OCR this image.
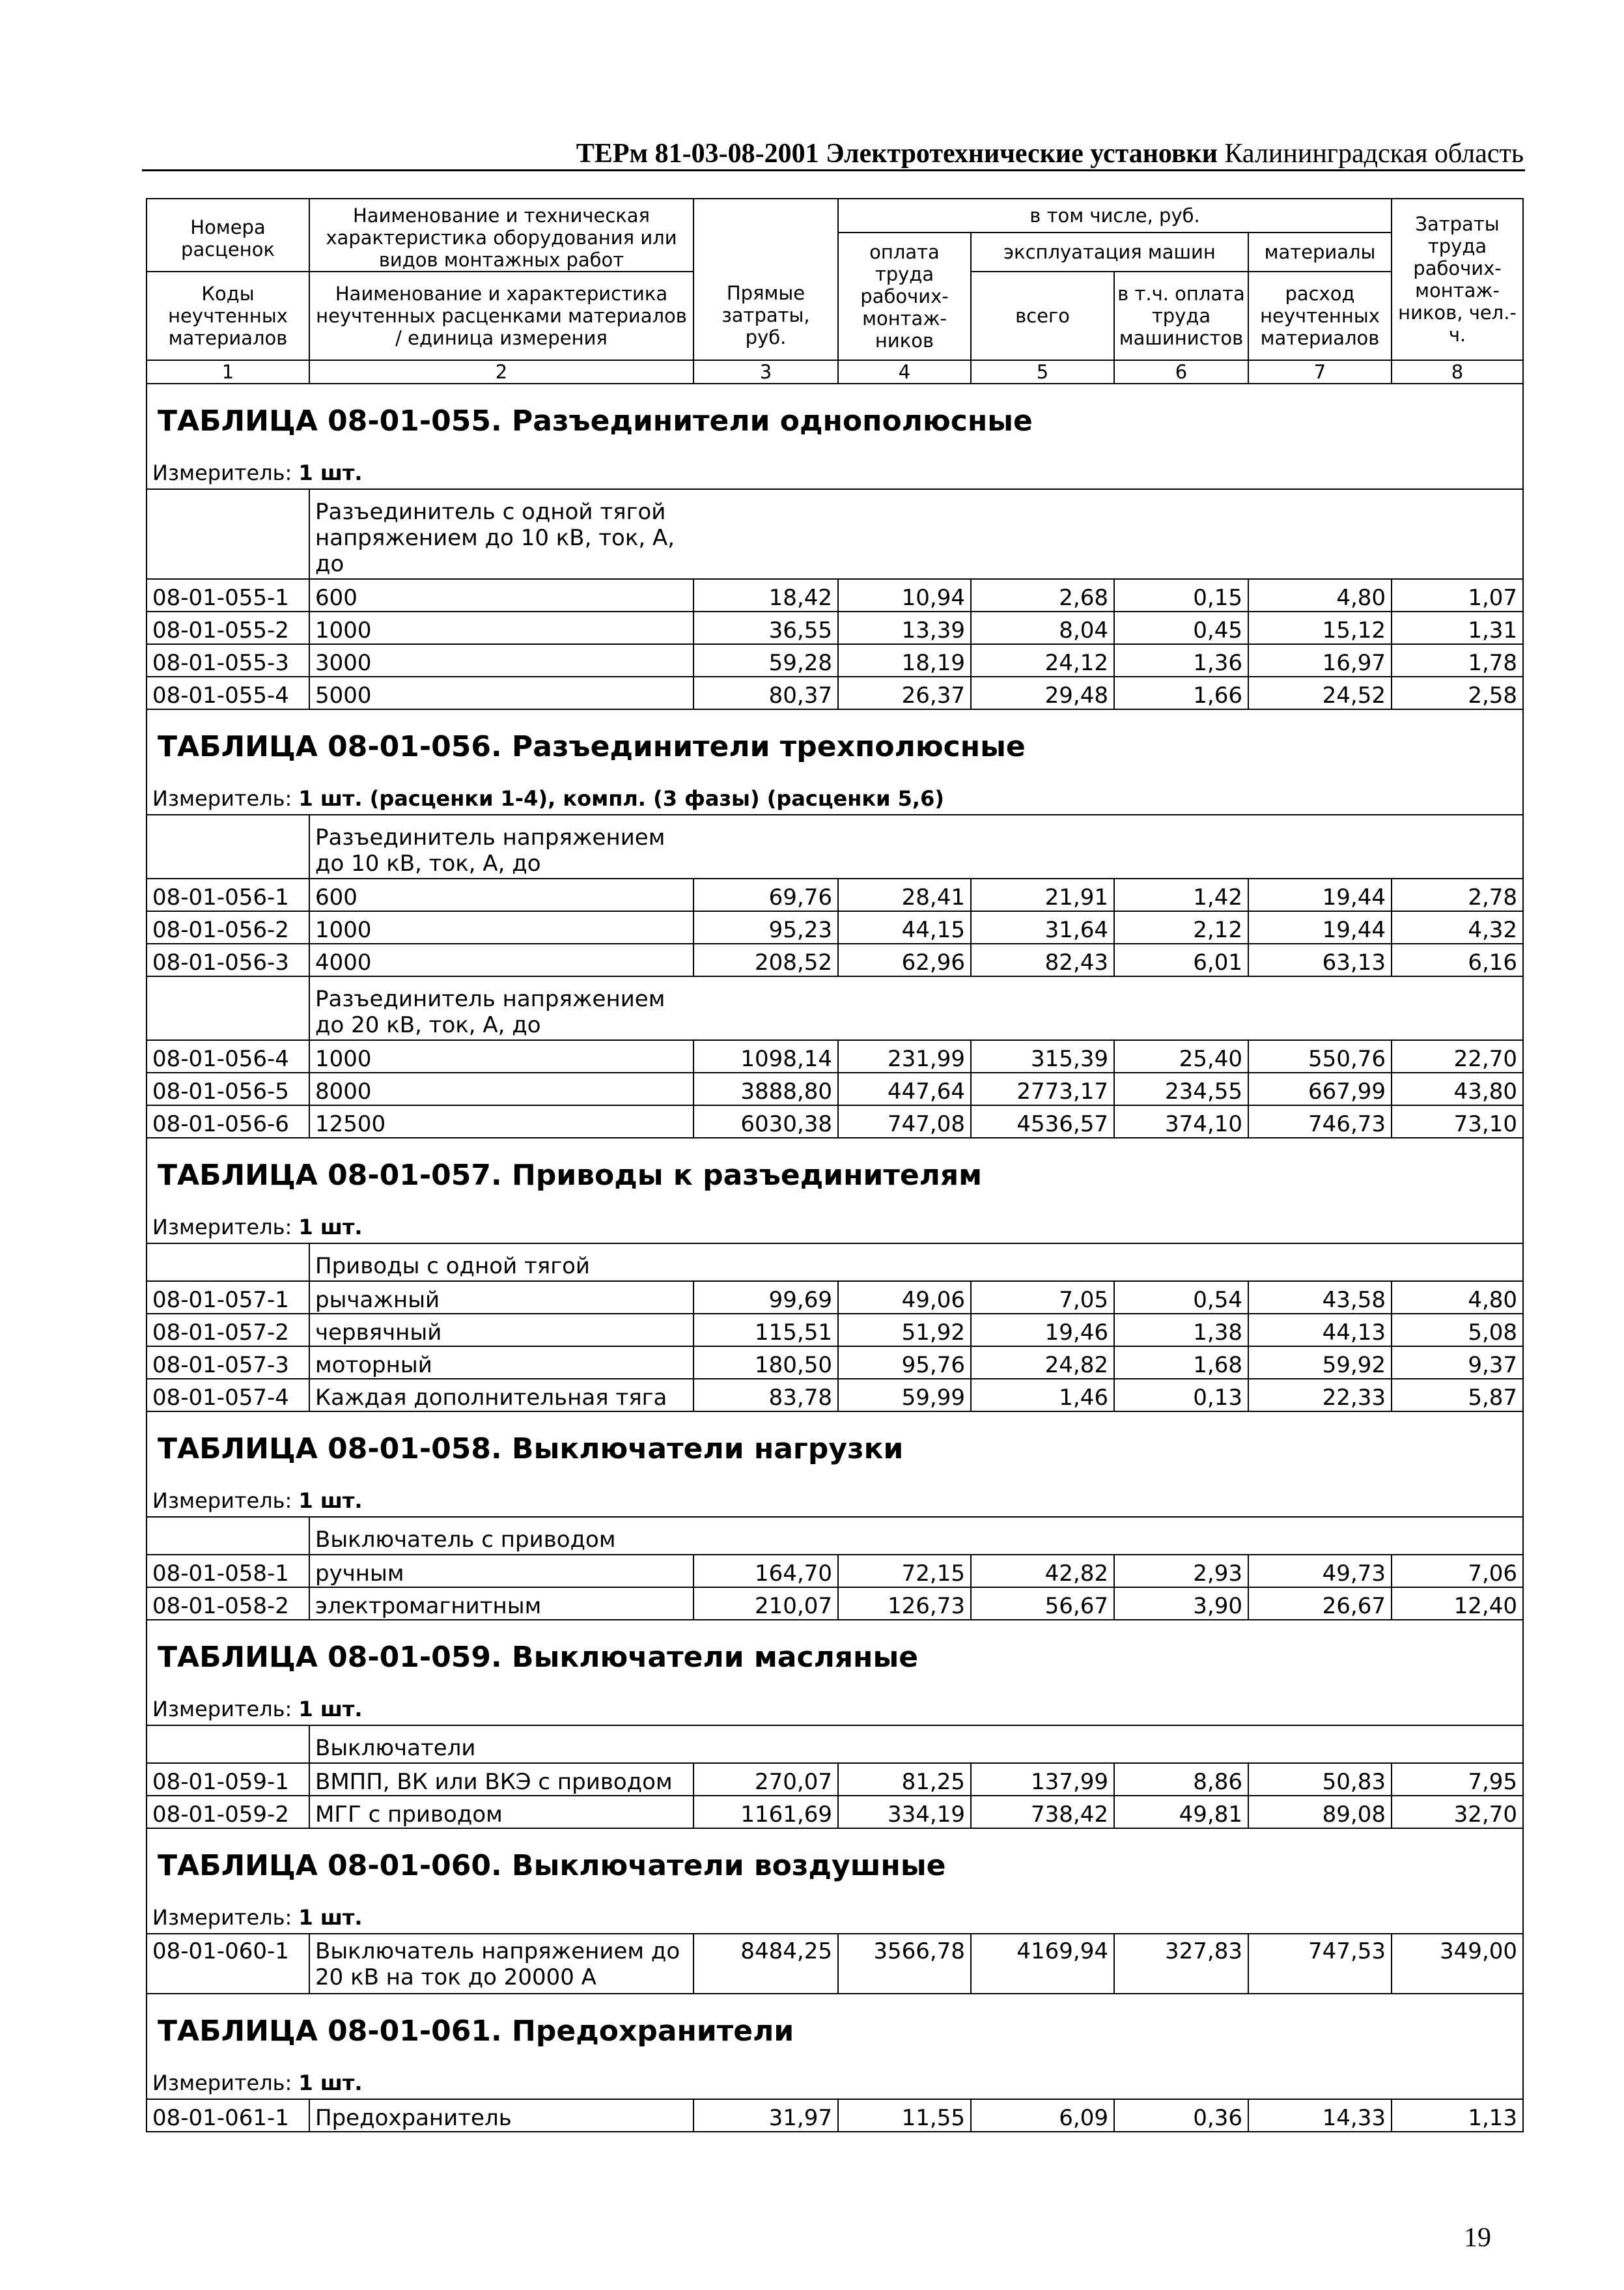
ТЕРм 81-03-08-2001 Электротехнические установки Калининградская область
Номера расценок	Наименование и техническая характеристика оборудования или видов монтажных работ	Прямые затраты, руб.	в том числе, руб.				Затраты труда рабочих-монтаж-ников, чел.-ч.
			оплата труда рабочих-монтаж-ников	эксплуатация машин		материалы	
Коды неучтенных материалов	Наименование и характеристика неучтенных расценками материалов / единица измерения			всего	в т.ч. оплата труда машинистов	расход неучтенных материалов	

1	2	3	4	5	6	7	8
ТАБЛИЦА 08-01-055. Разъединители однополюсные							
Измеритель: 1 шт.							
	Разъединитель с одной тягой напряжением до 10 кВ, ток, А, до						
08-01-055-1	600	18,42	10,94	2,68	0,15	4,80	1,07
08-01-055-2	1000	36,55	13,39	8,04	0,45	15,12	1,31
08-01-055-3	3000	59,28	18,19	24,12	1,36	16,97	1,78
08-01-055-4	5000	80,37	26,37	29,48	1,66	24,52	2,58
ТАБЛИЦА 08-01-056. Разъединители трехполюсные							
Измеритель: 1 шт. (расценки 1-4), компл. (3 фазы) (расценки 5,6)							
	Разъединитель напряжением до 10 кВ, ток, А, до						
08-01-056-1	600	69,76	28,41	21,91	1,42	19,44	2,78
08-01-056-2	1000	95,23	44,15	31,64	2,12	19,44	4,32
08-01-056-3	4000	208,52	62,96	82,43	6,01	63,13	6,16
	Разъединитель напряжением до 20 кВ, ток, А, до						
08-01-056-4	1000	1098,14	231,99	315,39	25,40	550,76	22,70
08-01-056-5	8000	3888,80	447,64	2773,17	234,55	667,99	43,80
08-01-056-6	12500	6030,38	747,08	4536,57	374,10	746,73	73,10
ТАБЛИЦА 08-01-057. Приводы к разъединителям							
Измеритель: 1 шт.							
	Приводы с одной тягой						
08-01-057-1	рычажный	99,69	49,06	7,05	0,54	43,58	4,80
08-01-057-2	червячный	115,51	51,92	19,46	1,38	44,13	5,08
08-01-057-3	моторный	180,50	95,76	24,82	1,68	59,92	9,37
08-01-057-4	Каждая дополнительная тяга	83,78	59,99	1,46	0,13	22,33	5,87
ТАБЛИЦА 08-01-058. Выключатели нагрузки							
Измеритель: 1 шт.							
	Выключатель с приводом						
08-01-058-1	ручным	164,70	72,15	42,82	2,93	49,73	7,06
08-01-058-2	электромагнитным	210,07	126,73	56,67	3,90	26,67	12,40
ТАБЛИЦА 08-01-059. Выключатели масляные							
Измеритель: 1 шт.							
	Выключатели						
08-01-059-1	ВМПП, ВК или ВКЭ с приводом	270,07	81,25	137,99	8,86	50,83	7,95
08-01-059-2	МГГ с приводом	1161,69	334,19	738,42	49,81	89,08	32,70
ТАБЛИЦА 08-01-060. Выключатели воздушные							
Измеритель: 1 шт.							
08-01-060-1	Выключатель напряжением до 20 кВ на ток до 20000 А	8484,25	3566,78	4169,94	327,83	747,53	349,00
ТАБЛИЦА 08-01-061. Предохранители							
Измеритель: 1 шт.							
08-01-061-1	Предохранитель	31,97	11,55	6,09	0,36	14,33	1,13
19
